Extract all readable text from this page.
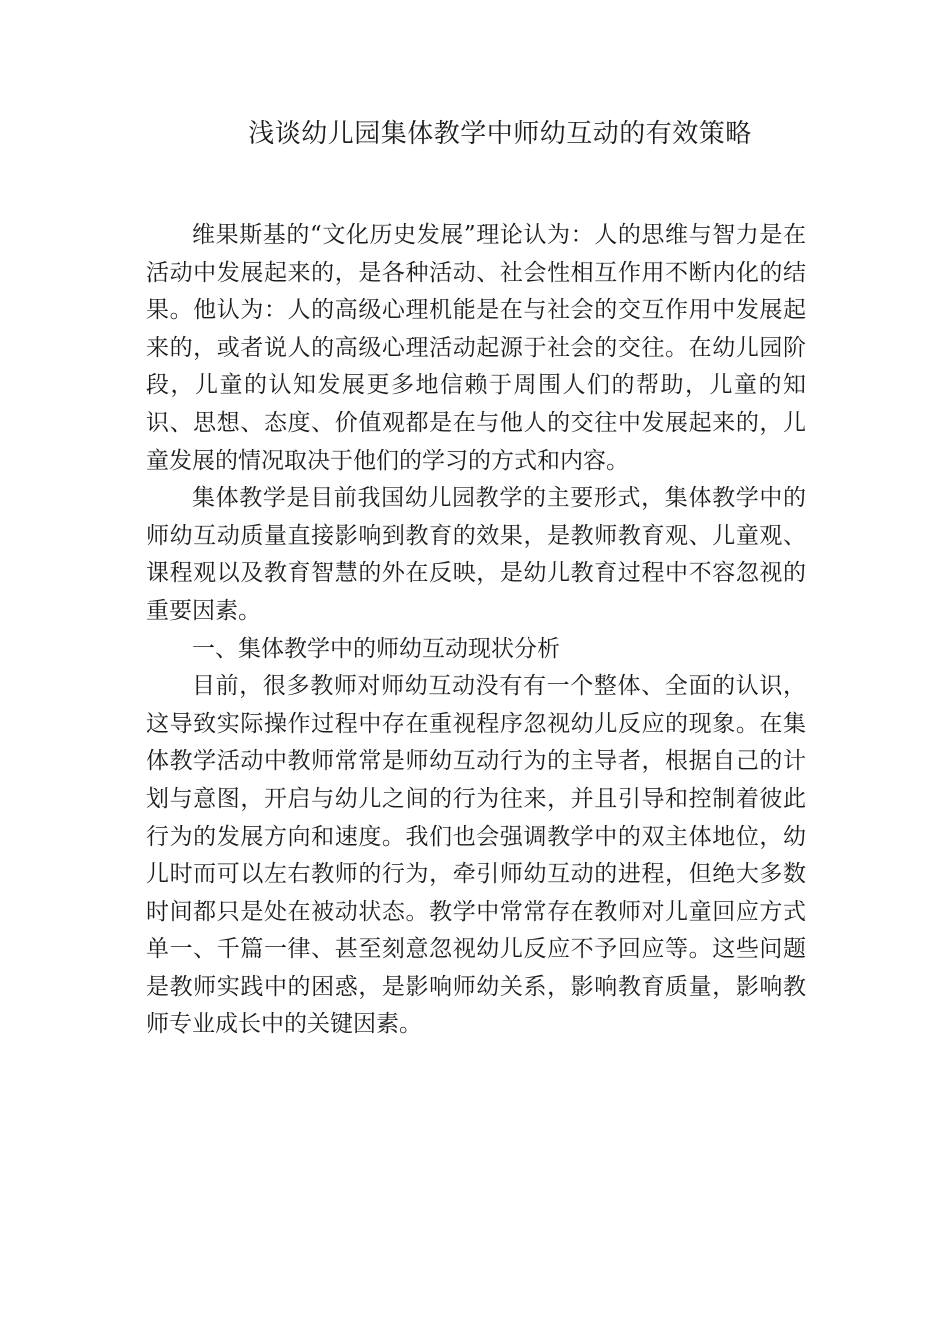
浅谈幼儿园集体教学中师幼互动的有效策略

维果斯基的“文化历史发展”理论认为：人的思维与智力是在活动中发展起来的，是各种活动、社会性相互作用不断内化的结果。他认为：人的高级心理机能是在与社会的交互作用中发展起来的，或者说人的高级心理活动起源于社会的交往。在幼儿园阶段，儿童的认知发展更多地信赖于周围人们的帮助，儿童的知识、思想、态度、价值观都是在与他人的交往中发展起来的，儿童发展的情况取决于他们的学习的方式和内容。

集体教学是目前我国幼儿园教学的主要形式，集体教学中的师幼互动质量直接影响到教育的效果，是教师教育观、儿童观、课程观以及教育智慧的外在反映，是幼儿教育过程中不容忽视的重要因素。

一、集体教学中的师幼互动现状分析

目前，很多教师对师幼互动没有有一个整体、全面的认识，这导致实际操作过程中存在重视程序忽视幼儿反应的现象。在集体教学活动中教师常常是师幼互动行为的主导者，根据自己的计划与意图，开启与幼儿之间的行为往来，并且引导和控制着彼此行为的发展方向和速度。我们也会强调教学中的双主体地位，幼儿时而可以左右教师的行为，牵引师幼互动的进程，但绝大多数时间都只是处在被动状态。教学中常常存在教师对儿童回应方式单一、千篇一律、甚至刻意忽视幼儿反应不予回应等。这些问题是教师实践中的困惑，是影响师幼关系，影响教育质量，影响教师专业成长中的关键因素。
